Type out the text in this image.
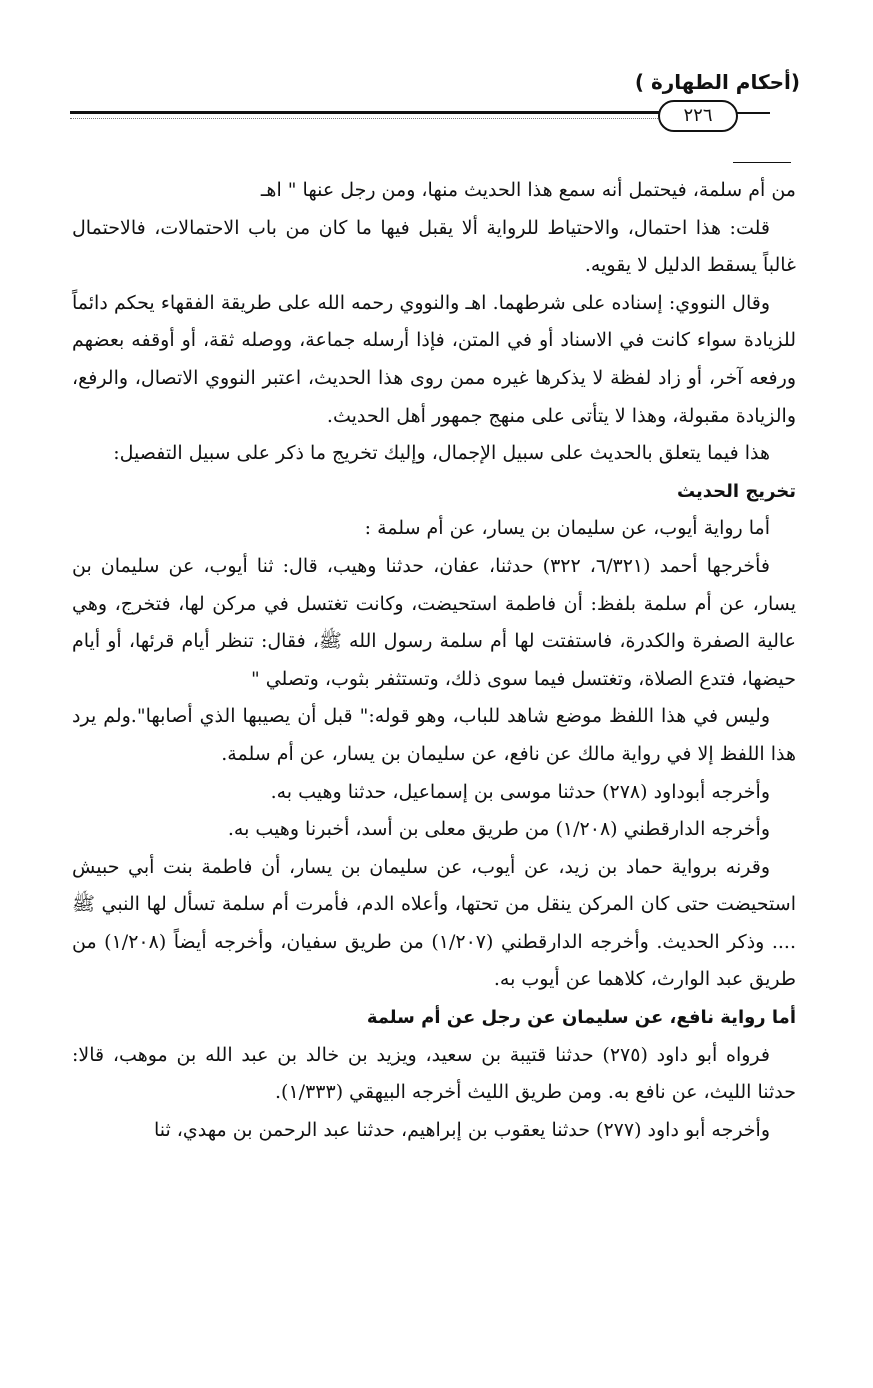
(أحكام الطهارة )
٢٢٦

من أم سلمة، فيحتمل أنه سمع هذا الحديث منها، ومن رجل عنها " اهـ

قلت: هذا احتمال، والاحتياط للرواية ألا يقبل فيها ما كان من باب الاحتمالات، فالاحتمال غالباً يسقط الدليل لا يقويه.

وقال النووي: إسناده على شرطهما. اهـ والنووي رحمه الله على طريقة الفقهاء يحكم دائماً للزيادة سواء كانت في الاسناد أو في المتن، فإذا أرسله جماعة، ووصله ثقة، أو أوقفه بعضهم ورفعه آخر، أو زاد لفظة لا يذكرها غيره ممن روى هذا الحديث، اعتبر النووي الاتصال، والرفع، والزيادة مقبولة، وهذا لا يتأتى على منهج جمهور أهل الحديث.

هذا فيما يتعلق بالحديث على سبيل الإجمال، وإليك تخريج ما ذكر على سبيل التفصيل:

تخريج الحديث

أما رواية أيوب، عن سليمان بن يسار، عن أم سلمة :

فأخرجها أحمد (٦/٣٢١، ٣٢٢) حدثنا، عفان، حدثنا وهيب، قال: ثنا أيوب، عن سليمان بن يسار، عن أم سلمة بلفظ: أن فاطمة استحيضت، وكانت تغتسل في مركن لها، فتخرج، وهي عالية الصفرة والكدرة، فاستفتت لها أم سلمة رسول الله ﷺ، فقال: تنظر أيام قرئها، أو أيام حيضها، فتدع الصلاة، وتغتسل فيما سوى ذلك، وتستثفر بثوب، وتصلي "

وليس في هذا اللفظ موضع شاهد للباب، وهو قوله:" قبل أن يصيبها الذي أصابها".ولم يرد هذا اللفظ إلا في رواية مالك عن نافع، عن سليمان بن يسار، عن أم سلمة.

وأخرجه أبوداود (٢٧٨) حدثنا موسى بن إسماعيل، حدثنا وهيب به.

وأخرجه الدارقطني (١/٢٠٨) من طريق معلى بن أسد، أخبرنا وهيب به.

وقرنه برواية حماد بن زيد، عن أيوب، عن سليمان بن يسار، أن فاطمة بنت أبي حبيش استحيضت حتى كان المركن ينقل من تحتها، وأعلاه الدم، فأمرت أم سلمة تسأل لها النبي ﷺ .... وذكر الحديث. وأخرجه الدارقطني (١/٢٠٧) من طريق سفيان، وأخرجه أيضاً (١/٢٠٨) من طريق عبد الوارث، كلاهما عن أيوب به.

أما رواية نافع، عن سليمان عن رجل عن أم سلمة

فرواه أبو داود (٢٧٥) حدثنا قتيبة بن سعيد، ويزيد بن خالد بن عبد الله بن موهب، قالا: حدثنا الليث، عن نافع به. ومن طريق الليث أخرجه البيهقي (١/٣٣٣).

وأخرجه أبو داود (٢٧٧) حدثنا يعقوب بن إبراهيم، حدثنا عبد الرحمن بن مهدي، ثنا
